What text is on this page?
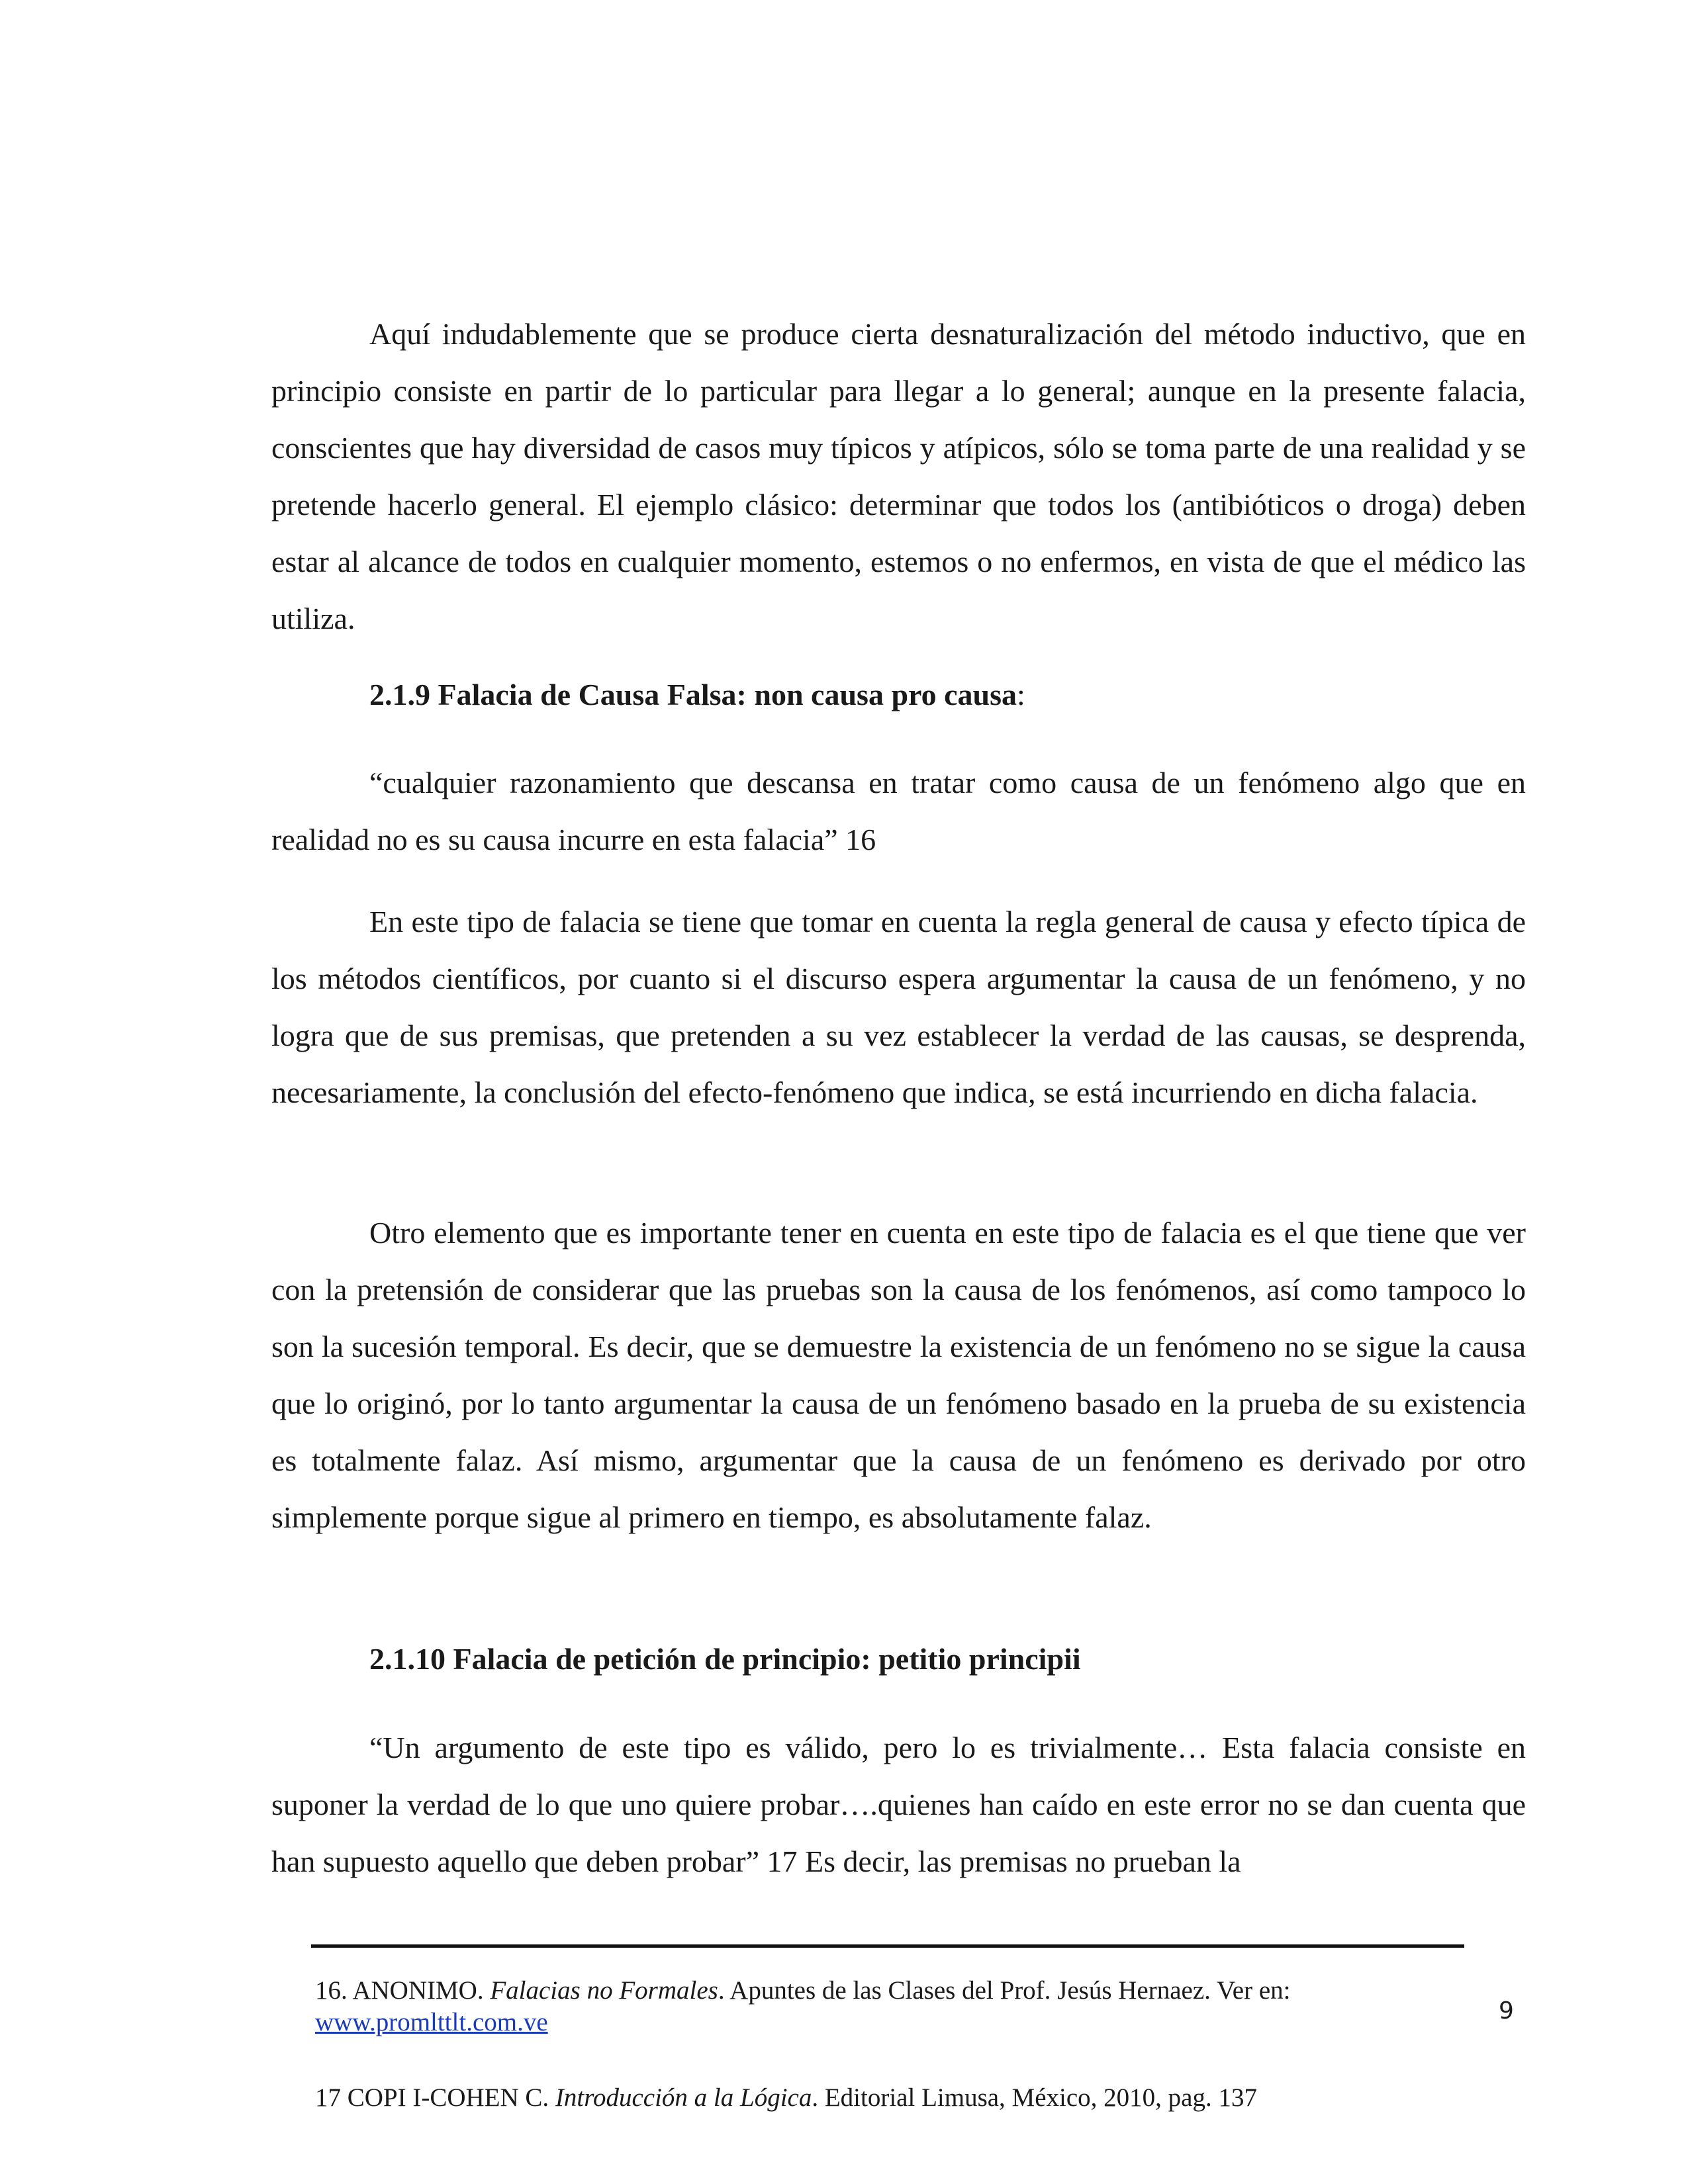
Aquí indudablemente que se produce cierta desnaturalización del método inductivo, que en principio consiste en partir de lo particular para llegar a lo general; aunque en la presente falacia, conscientes que hay diversidad de casos muy típicos y atípicos, sólo se toma parte de una realidad y se pretende hacerlo general. El ejemplo clásico: determinar que todos los (antibióticos o droga) deben estar al alcance de todos en cualquier momento, estemos o no enfermos, en vista de que el médico las utiliza.

2.1.9 Falacia de Causa Falsa: non causa pro causa:

“cualquier razonamiento que descansa en tratar como causa de un fenómeno algo que en realidad no es su causa incurre en esta falacia” 16

En este tipo de falacia se tiene que tomar en cuenta la regla general de causa y efecto típica de los métodos científicos, por cuanto si el discurso espera argumentar la causa de un fenómeno, y no logra que de sus premisas, que pretenden a su vez establecer la verdad de las causas, se desprenda, necesariamente, la conclusión del efecto-fenómeno que indica, se está incurriendo en dicha falacia.

Otro elemento que es importante tener en cuenta en este tipo de falacia es el que tiene que ver con la pretensión de considerar que las pruebas son la causa de los fenómenos, así como tampoco lo son la sucesión temporal. Es decir, que se demuestre la existencia de un fenómeno no se sigue la causa que lo originó, por lo tanto argumentar la causa de un fenómeno basado en la prueba de su existencia es totalmente falaz. Así mismo, argumentar que la causa de un fenómeno es derivado por otro simplemente porque sigue al primero en tiempo, es absolutamente falaz.

2.1.10 Falacia de petición de principio: petitio principii

“Un argumento de este tipo es válido, pero lo es trivialmente… Esta falacia consiste en suponer la verdad de lo que uno quiere probar….quienes han caído en este error no se dan cuenta que han supuesto aquello que deben probar” 17 Es decir, las premisas no prueban la

16. ANONIMO. Falacias no Formales. Apuntes de las Clases del Prof. Jesús Hernaez. Ver en:
www.promlttlt.com.ve	9

17 COPI I-COHEN C. Introducción a la Lógica. Editorial Limusa, México, 2010, pag. 137
